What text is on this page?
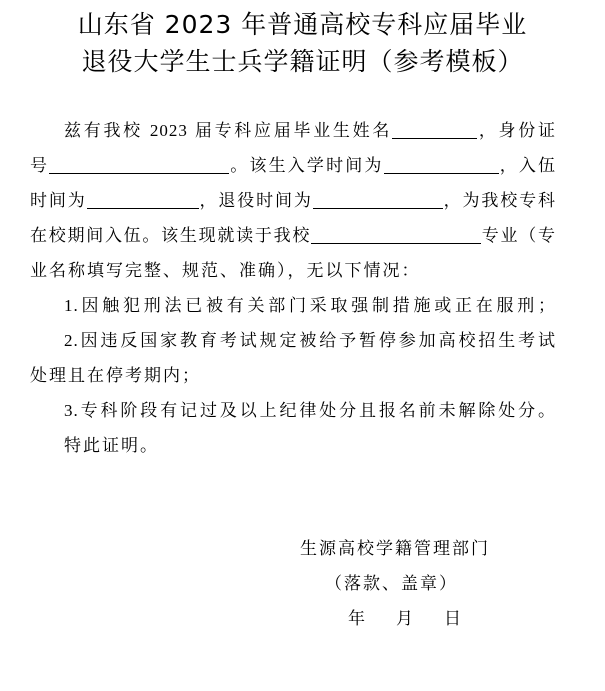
山东省 2023 年普通高校专科应届毕业
退役大学生士兵学籍证明（参考模板）
兹有我校 2023 届专科应届毕业生姓名	，身份证
号	。该生入学时间为	，入伍
时间为	，退役时间为	，为我校专科
在校期间入伍。该生现就读于我校	专业（专
业名称填写完整、规范、准确），无以下情况：
1.因触犯刑法已被有关部门采取强制措施或正在服刑；
2.因违反国家教育考试规定被给予暂停参加高校招生考试
处理且在停考期内；
3.专科阶段有记过及以上纪律处分且报名前未解除处分。
特此证明。
生源高校学籍管理部门
（落款、盖章）
年    月    日
